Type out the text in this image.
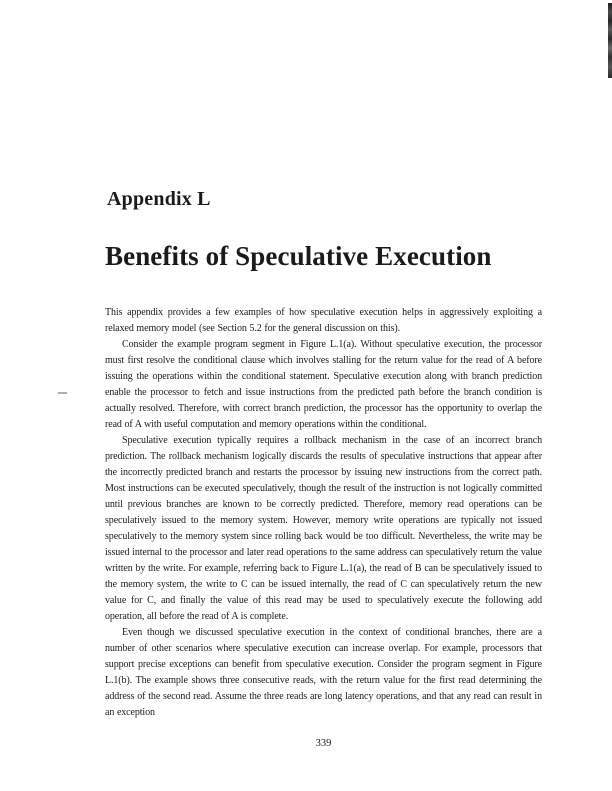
Appendix L
Benefits of Speculative Execution

This appendix provides a few examples of how speculative execution helps in aggressively exploiting a relaxed memory model (see Section 5.2 for the general discussion on this).

Consider the example program segment in Figure L.1(a). Without speculative execution, the processor must first resolve the conditional clause which involves stalling for the return value for the read of A before issuing the operations within the conditional statement. Speculative execution along with branch prediction enable the processor to fetch and issue instructions from the predicted path before the branch condition is actually resolved. Therefore, with correct branch prediction, the processor has the opportunity to overlap the read of A with useful computation and memory operations within the conditional.

Speculative execution typically requires a rollback mechanism in the case of an incorrect branch prediction. The rollback mechanism logically discards the results of speculative instructions that appear after the incorrectly predicted branch and restarts the processor by issuing new instructions from the correct path. Most instructions can be executed speculatively, though the result of the instruction is not logically committed until previous branches are known to be correctly predicted. Therefore, memory read operations can be speculatively issued to the memory system. However, memory write operations are typically not issued speculatively to the memory system since rolling back would be too difficult. Nevertheless, the write may be issued internal to the processor and later read operations to the same address can speculatively return the value written by the write. For example, referring back to Figure L.1(a), the read of B can be speculatively issued to the memory system, the write to C can be issued internally, the read of C can speculatively return the new value for C, and finally the value of this read may be used to speculatively execute the following add operation, all before the read of A is complete.

Even though we discussed speculative execution in the context of conditional branches, there are a number of other scenarios where speculative execution can increase overlap. For example, processors that support precise exceptions can benefit from speculative execution. Consider the program segment in Figure L.1(b). The example shows three consecutive reads, with the return value for the first read determining the address of the second read. Assume the three reads are long latency operations, and that any read can result in an exception

339
